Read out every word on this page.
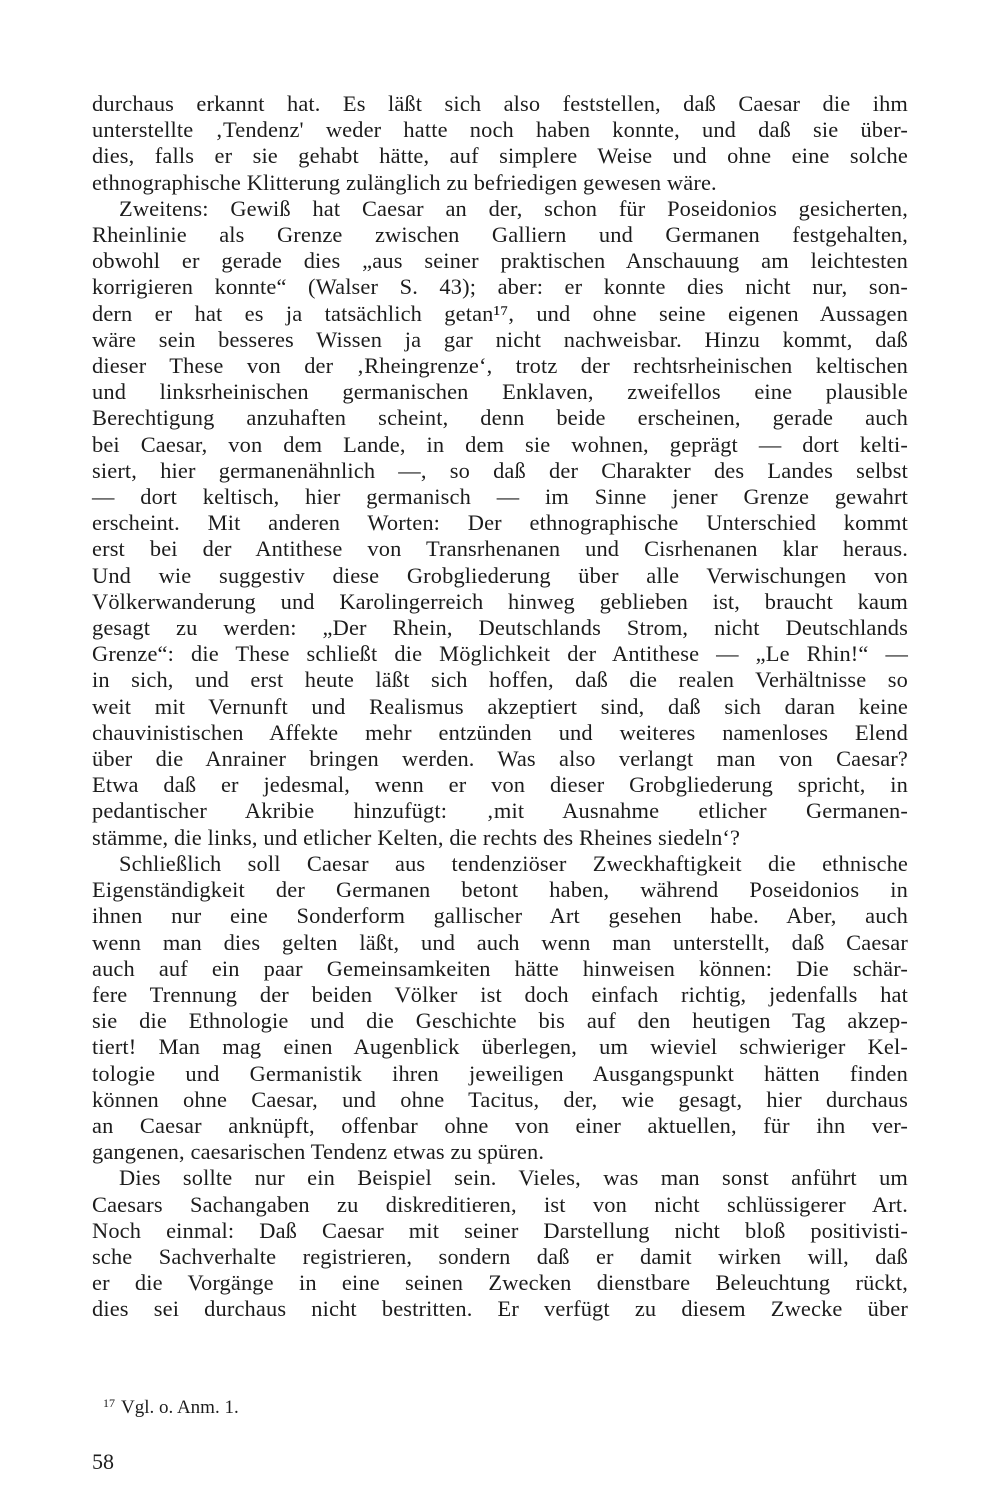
durchaus erkannt hat. Es läßt sich also feststellen, daß Caesar die ihm
unterstellte ‚Tendenz' weder hatte noch haben konnte, und daß sie über-
dies, falls er sie gehabt hätte, auf simplere Weise und ohne eine solche
ethnographische Klitterung zulänglich zu befriedigen gewesen wäre.
Zweitens: Gewiß hat Caesar an der, schon für Poseidonios gesicherten,
Rheinlinie als Grenze zwischen Galliern und Germanen festgehalten,
obwohl er gerade dies „aus seiner praktischen Anschauung am leichtesten
korrigieren konnte“ (Walser S. 43); aber: er konnte dies nicht nur, son-
dern er hat es ja tatsächlich getan¹⁷, und ohne seine eigenen Aussagen
wäre sein besseres Wissen ja gar nicht nachweisbar. Hinzu kommt, daß
dieser These von der ‚Rheingrenze‘, trotz der rechtsrheinischen keltischen
und linksrheinischen germanischen Enklaven, zweifellos eine plausible
Berechtigung anzuhaften scheint, denn beide erscheinen, gerade auch
bei Caesar, von dem Lande, in dem sie wohnen, geprägt — dort kelti-
siert, hier germanenähnlich —, so daß der Charakter des Landes selbst
— dort keltisch, hier germanisch — im Sinne jener Grenze gewahrt
erscheint. Mit anderen Worten: Der ethnographische Unterschied kommt
erst bei der Antithese von Transrhenanen und Cisrhenanen klar heraus.
Und wie suggestiv diese Grobgliederung über alle Verwischungen von
Völkerwanderung und Karolingerreich hinweg geblieben ist, braucht kaum
gesagt zu werden: „Der Rhein, Deutschlands Strom, nicht Deutschlands
Grenze“: die These schließt die Möglichkeit der Antithese — „Le Rhin!“ —
in sich, und erst heute läßt sich hoffen, daß die realen Verhältnisse so
weit mit Vernunft und Realismus akzeptiert sind, daß sich daran keine
chauvinistischen Affekte mehr entzünden und weiteres namenloses Elend
über die Anrainer bringen werden. Was also verlangt man von Caesar?
Etwa daß er jedesmal, wenn er von dieser Grobgliederung spricht, in
pedantischer Akribie hinzufügt: ‚mit Ausnahme etlicher Germanen-
stämme, die links, und etlicher Kelten, die rechts des Rheines siedeln‘?
Schließlich soll Caesar aus tendenziöser Zweckhaftigkeit die ethnische
Eigenständigkeit der Germanen betont haben, während Poseidonios in
ihnen nur eine Sonderform gallischer Art gesehen habe. Aber, auch
wenn man dies gelten läßt, und auch wenn man unterstellt, daß Caesar
auch auf ein paar Gemeinsamkeiten hätte hinweisen können: Die schär-
fere Trennung der beiden Völker ist doch einfach richtig, jedenfalls hat
sie die Ethnologie und die Geschichte bis auf den heutigen Tag akzep-
tiert! Man mag einen Augenblick überlegen, um wieviel schwieriger Kel-
tologie und Germanistik ihren jeweiligen Ausgangspunkt hätten finden
können ohne Caesar, und ohne Tacitus, der, wie gesagt, hier durchaus
an Caesar anknüpft, offenbar ohne von einer aktuellen, für ihn ver-
gangenen, caesarischen Tendenz etwas zu spüren.
Dies sollte nur ein Beispiel sein. Vieles, was man sonst anführt um
Caesars Sachangaben zu diskreditieren, ist von nicht schlüssigerer Art.
Noch einmal: Daß Caesar mit seiner Darstellung nicht bloß positivisti-
sche Sachverhalte registrieren, sondern daß er damit wirken will, daß
er die Vorgänge in eine seinen Zwecken dienstbare Beleuchtung rückt,
dies sei durchaus nicht bestritten. Er verfügt zu diesem Zwecke über
$^{17}$ Vgl. o. Anm. 1.
58
